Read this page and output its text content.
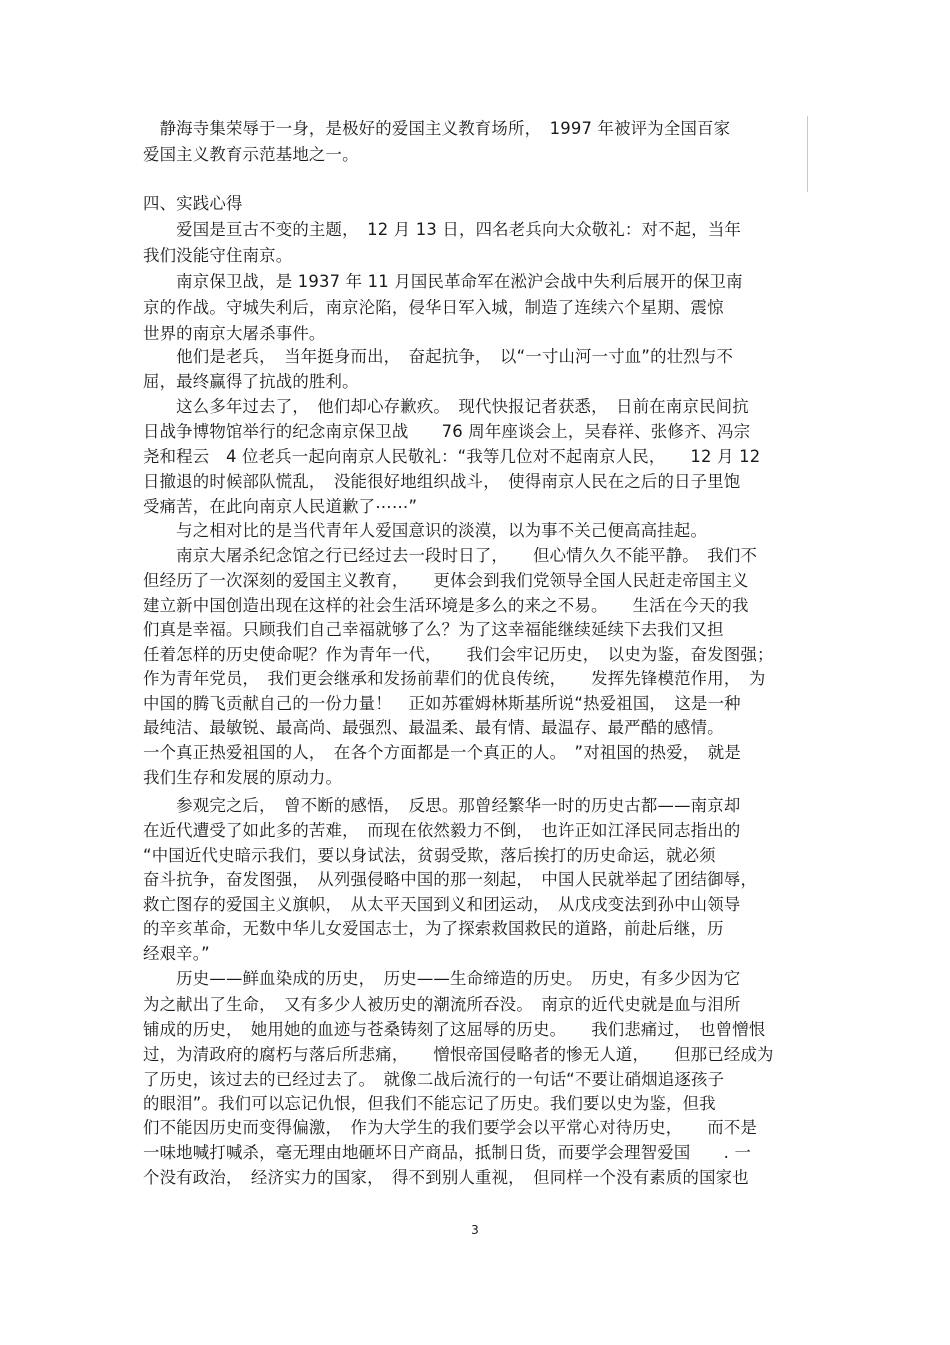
　静海寺集荣辱于一身，是极好的爱国主义教育场所，　1997 年被评为全国百家
爱国主义教育示范基地之一。
四、实践心得
　　爱国是亘古不变的主题，　12 月 13 日，四名老兵向大众敬礼：对不起，当年
我们没能守住南京。
　　南京保卫战，是 1937 年 11 月国民革命军在淞沪会战中失利后展开的保卫南
京的作战。守城失利后，南京沦陷，侵华日军入城，制造了连续六个星期、震惊
世界的南京大屠杀事件。
　　他们是老兵，　当年挺身而出，　奋起抗争，　以“一寸山河一寸血”的壮烈与不
屈，最终赢得了抗战的胜利。
　　这么多年过去了，　他们却心存歉疚。　现代快报记者获悉，　日前在南京民间抗
日战争博物馆举行的纪念南京保卫战　　76 周年座谈会上，吴春祥、张修齐、冯宗
尧和程云　4 位老兵一起向南京人民敬礼：“我等几位对不起南京人民，　　12 月 12
日撤退的时候部队慌乱，　没能很好地组织战斗，　使得南京人民在之后的日子里饱
受痛苦，在此向南京人民道歉了⋯⋯”
　　与之相对比的是当代青年人爱国意识的淡漠，以为事不关己便高高挂起。
　　南京大屠杀纪念馆之行已经过去一段时日了，　　但心情久久不能平静。　我们不
但经历了一次深刻的爱国主义教育，　　更体会到我们党领导全国人民赶走帝国主义
建立新中国创造出现在这样的社会生活环境是多么的来之不易。　　生活在今天的我
们真是幸福。只顾我们自己幸福就够了么？为了这幸福能继续延续下去我们又担
任着怎样的历史使命呢？作为青年一代，　　我们会牢记历史，　以史为鉴，奋发图强；
作为青年党员，　我们更会继承和发扬前辈们的优良传统，　　发挥先锋模范作用，　为
中国的腾飞贡献自己的一份力量！　正如苏霍姆林斯基所说“热爱祖国，　这是一种
最纯洁、最敏锐、最高尚、最强烈、最温柔、最有情、最温存、最严酷的感情。
一个真正热爱祖国的人，　在各个方面都是一个真正的人。　”对祖国的热爱，　就是
我们生存和发展的原动力。
　　参观完之后，　曾不断的感悟，　反思。那曾经繁华一时的历史古都——南京却
在近代遭受了如此多的苦难，　而现在依然毅力不倒，　也许正如江泽民同志指出的
“中国近代史暗示我们，要以身试法，贫弱受欺，落后挨打的历史命运，就必须
奋斗抗争，奋发图强，　从列强侵略中国的那一刻起，　中国人民就举起了团结御辱，
救亡图存的爱国主义旗帜，　从太平天国到义和团运动，　从戊戌变法到孙中山领导
的辛亥革命，无数中华儿女爱国志士，为了探索救国救民的道路，前赴后继，历
经艰辛。”
　　历史——鲜血染成的历史，　历史——生命缔造的历史。　历史，有多少因为它
为之献出了生命，　又有多少人被历史的潮流所吞没。　南京的近代史就是血与泪所
铺成的历史，　她用她的血迹与苍桑铸刻了这屈辱的历史。　　我们悲痛过，　也曾憎恨
过，为清政府的腐朽与落后所悲痛，　　憎恨帝国侵略者的惨无人道，　　但那已经成为
了历史，该过去的已经过去了。　就像二战后流行的一句话“不要让硝烟追逐孩子
的眼泪”。我们可以忘记仇恨，但我们不能忘记了历史。我们要以史为鉴，但我
们不能因历史而变得偏激，　作为大学生的我们要学会以平常心对待历史，　　而不是
一味地喊打喊杀，毫无理由地砸坏日产商品，抵制日货，而要学会理智爱国　　. 一
个没有政治，　经济实力的国家，　得不到别人重视，　但同样一个没有素质的国家也
3
